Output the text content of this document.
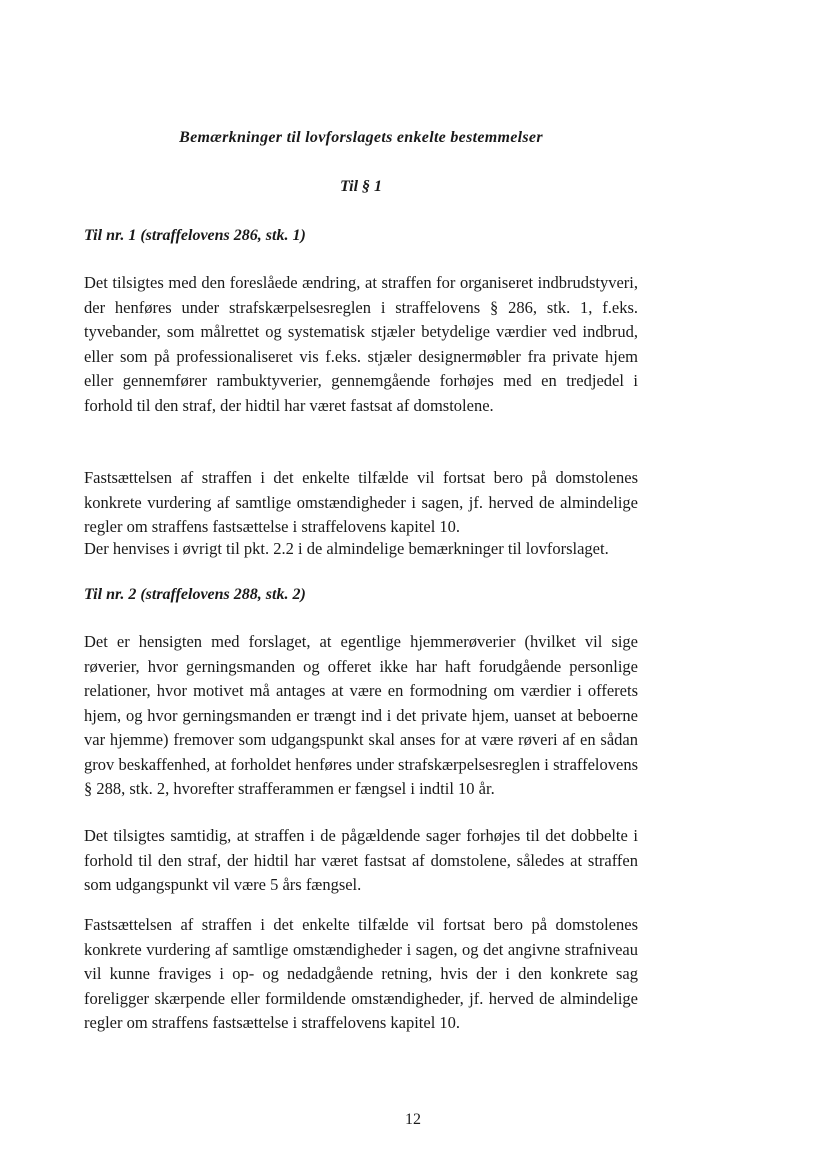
Bemærkninger til lovforslagets enkelte bestemmelser
Til § 1
Til nr. 1 (straffelovens 286, stk. 1)

Det tilsigtes med den foreslåede ændring, at straffen for organiseret indbrudstyveri, der henføres under strafskærpelsesreglen i straffelovens § 286, stk. 1, f.eks. tyvebander, som målrettet og systematisk stjæler betydelige værdier ved indbrud, eller som på professionaliseret vis f.eks. stjæler designermøbler fra private hjem eller gennemfører rambuktyverier, gennemgående forhøjes med en tredjedel i forhold til den straf, der hidtil har været fastsat af domstolene.

Fastsættelsen af straffen i det enkelte tilfælde vil fortsat bero på domstolenes konkrete vurdering af samtlige omstændigheder i sagen, jf. herved de almindelige regler om straffens fastsættelse i straffelovens kapitel 10.

Der henvises i øvrigt til pkt. 2.2 i de almindelige bemærkninger til lovforslaget.

Til nr. 2 (straffelovens 288, stk. 2)

Det er hensigten med forslaget, at egentlige hjemmerøverier (hvilket vil sige røverier, hvor gerningsmanden og offeret ikke har haft forudgående personlige relationer, hvor motivet må antages at være en formodning om værdier i offerets hjem, og hvor gerningsmanden er trængt ind i det private hjem, uanset at beboerne var hjemme) fremover som udgangspunkt skal anses for at være røveri af en sådan grov beskaffenhed, at forholdet henføres under strafskærpelsesreglen i straffelovens § 288, stk. 2, hvorefter strafferammen er fængsel i indtil 10 år.

Det tilsigtes samtidig, at straffen i de pågældende sager forhøjes til det dobbelte i forhold til den straf, der hidtil har været fastsat af domstolene, således at straffen som udgangspunkt vil være 5 års fængsel.

Fastsættelsen af straffen i det enkelte tilfælde vil fortsat bero på domstolenes konkrete vurdering af samtlige omstændigheder i sagen, og det angivne strafniveau vil kunne fraviges i op- og nedadgående retning, hvis der i den konkrete sag foreligger skærpende eller formildende omstændigheder, jf. herved de almindelige regler om straffens fastsættelse i straffelovens kapitel 10.

12
